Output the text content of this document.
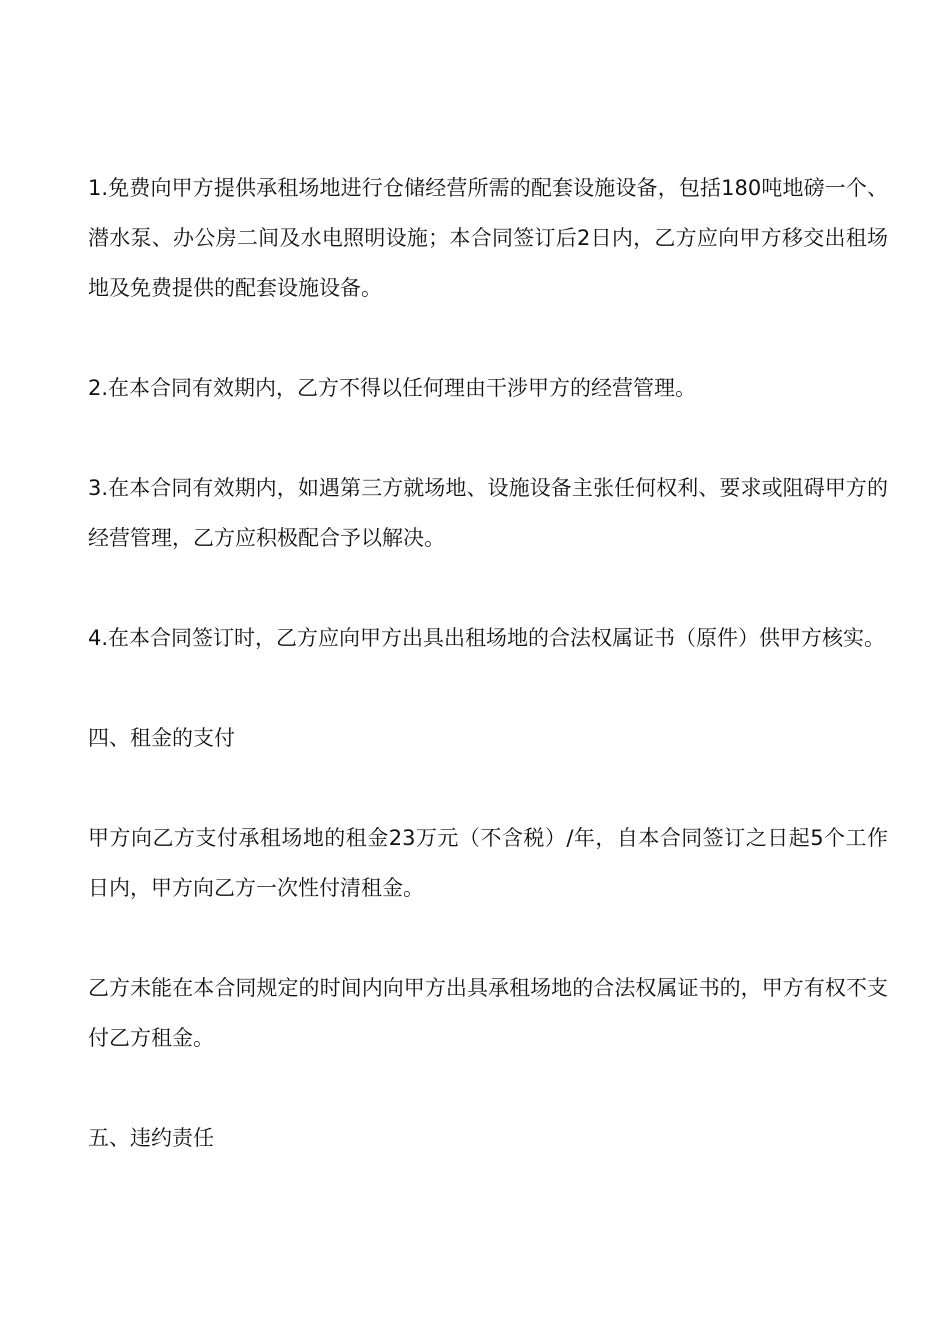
1.免费向甲方提供承租场地进行仓储经营所需的配套设施设备，包括180吨地磅一个、潜水泵、办公房二间及水电照明设施；本合同签订后2日内，乙方应向甲方移交出租场地及免费提供的配套设施设备。

2.在本合同有效期内，乙方不得以任何理由干涉甲方的经营管理。

3.在本合同有效期内，如遇第三方就场地、设施设备主张任何权利、要求或阻碍甲方的经营管理，乙方应积极配合予以解决。

4.在本合同签订时，乙方应向甲方出具出租场地的合法权属证书（原件）供甲方核实。

四、租金的支付

甲方向乙方支付承租场地的租金23万元（不含税）/年，自本合同签订之日起5个工作日内，甲方向乙方一次性付清租金。

乙方未能在本合同规定的时间内向甲方出具承租场地的合法权属证书的，甲方有权不支付乙方租金。

五、违约责任
